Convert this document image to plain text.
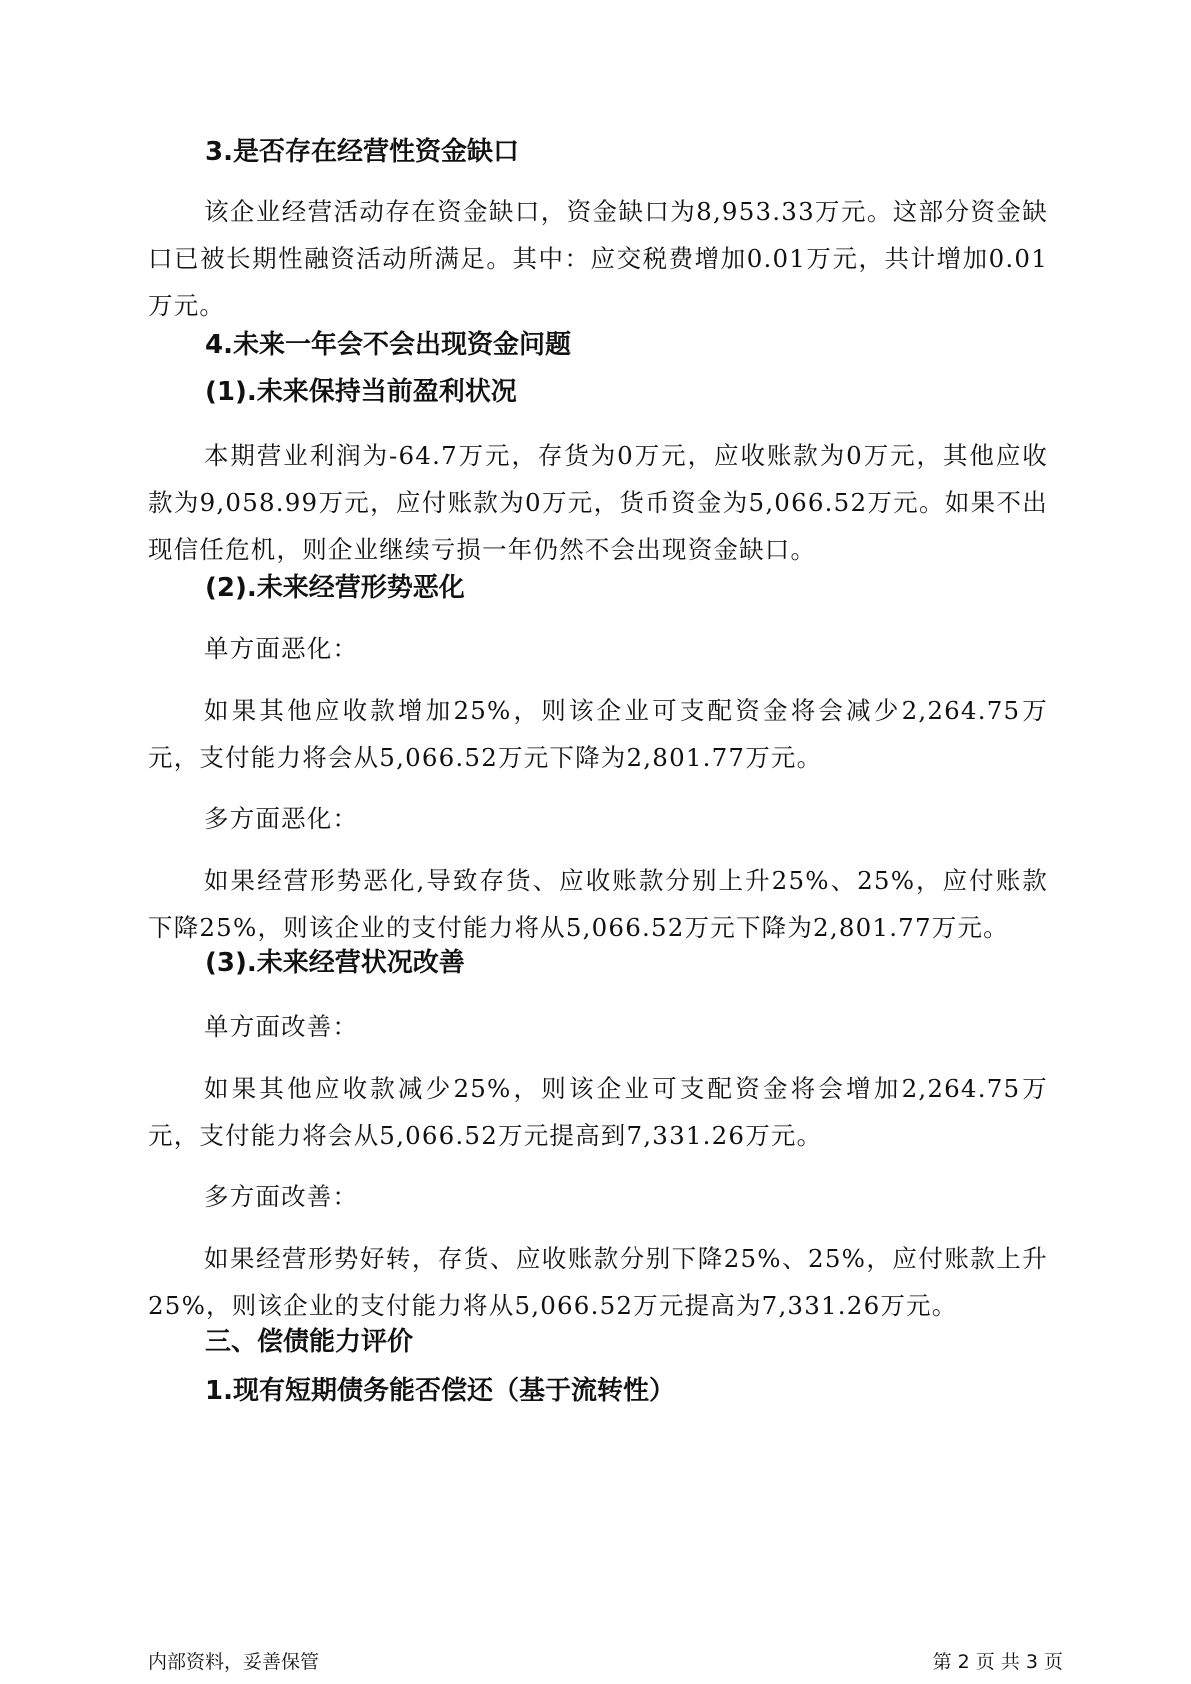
3.是否存在经营性资金缺口

该企业经营活动存在资金缺口，资金缺口为8,953.33万元。这部分资金缺口已被长期性融资活动所满足。其中：应交税费增加0.01万元，共计增加0.01万元。

4.未来一年会不会出现资金问题
(1).未来保持当前盈利状况

本期营业利润为-64.7万元，存货为0万元，应收账款为0万元，其他应收款为9,058.99万元，应付账款为0万元，货币资金为5,066.52万元。如果不出现信任危机，则企业继续亏损一年仍然不会出现资金缺口。

(2).未来经营形势恶化

单方面恶化：

如果其他应收款增加25%，则该企业可支配资金将会减少2,264.75万元，支付能力将会从5,066.52万元下降为2,801.77万元。

多方面恶化：

如果经营形势恶化,导致存货、应收账款分别上升25%、25%，应付账款下降25%，则该企业的支付能力将从5,066.52万元下降为2,801.77万元。

(3).未来经营状况改善

单方面改善：

如果其他应收款减少25%，则该企业可支配资金将会增加2,264.75万元，支付能力将会从5,066.52万元提高到7,331.26万元。

多方面改善：

如果经营形势好转，存货、应收账款分别下降25%、25%，应付账款上升25%，则该企业的支付能力将从5,066.52万元提高为7,331.26万元。

三、偿债能力评价
1.现有短期债务能否偿还（基于流转性）
内部资料，妥善保管	第 2 页 共 3 页
